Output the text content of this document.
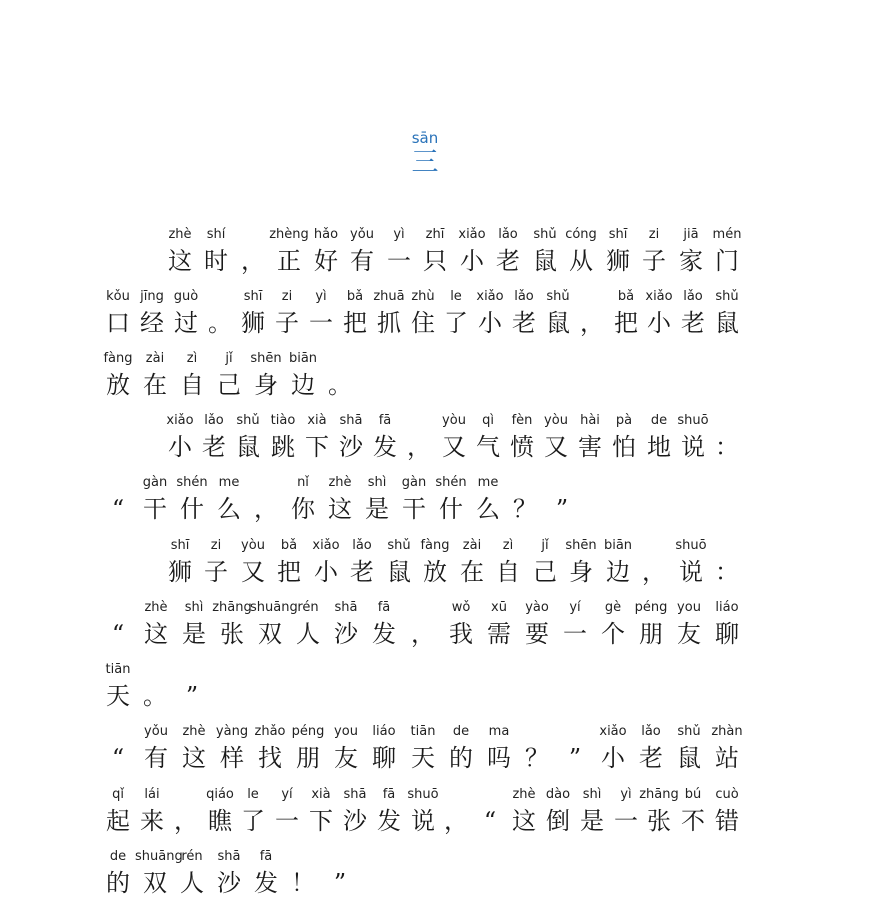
sān
三
zhè
这
shí
时 ，
zhèng
正
hǎo
好
yǒu
有
yì
一
zhī
只
xiǎo
小
lǎo
老
shǔ
鼠
cóng
从
shī
狮
zi
子
jiā
家
mén
门
kǒu
口
jīng
经
guò
过 。
shī
狮
zi
子
yì
一
bǎ
把
zhuā
抓
zhù
住
le
了
xiǎo
小
lǎo
老
shǔ
鼠 ，
bǎ
把
xiǎo
小
lǎo
老
shǔ
鼠
fàng
放
zài
在
zì
自
jǐ
己
shēn
身
biān
边 。
xiǎo
小
lǎo
老
shǔ
鼠
tiào
跳
xià
下
shā
沙
fā
发 ，
yòu
又
qì
气
fèn
愤
yòu
又
hài
害
pà
怕
de
地
shuō
说 ：
“
gàn
干
shén
什
me
么 ，
nǐ
你
zhè
这
shì
是
gàn
干
shén
什
me
么 ？ ”
shī
狮
zi
子
yòu
又
bǎ
把
xiǎo
小
lǎo
老
shǔ
鼠
fàng
放
zài
在
zì
自
jǐ
己
shēn
身
biān
边 ，
shuō
说 ：
“
zhè
这
shì
是
zhāng
张
shuāng
双
rén
人
shā
沙
fā
发 ，
wǒ
我
xū
需
yào
要
yí
一
gè
个
péng
朋
you
友
liáo
聊
tiān
天 。 ”
“
yǒu
有
zhè
这
yàng
样
zhǎo
找
péng
朋
you
友
liáo
聊
tiān
天
de
的
ma
吗 ？ ”
xiǎo
小
lǎo
老
shǔ
鼠
zhàn
站
qǐ
起
lái
来 ，
qiáo
瞧
le
了
yí
一
xià
下
shā
沙
fā
发
shuō
说 ， “
zhè
这
dào
倒
shì
是
yì
一
zhāng
张
bú
不
cuò
错
de
的
shuāng
双
rén
人
shā
沙
fā
发 ！ ”
